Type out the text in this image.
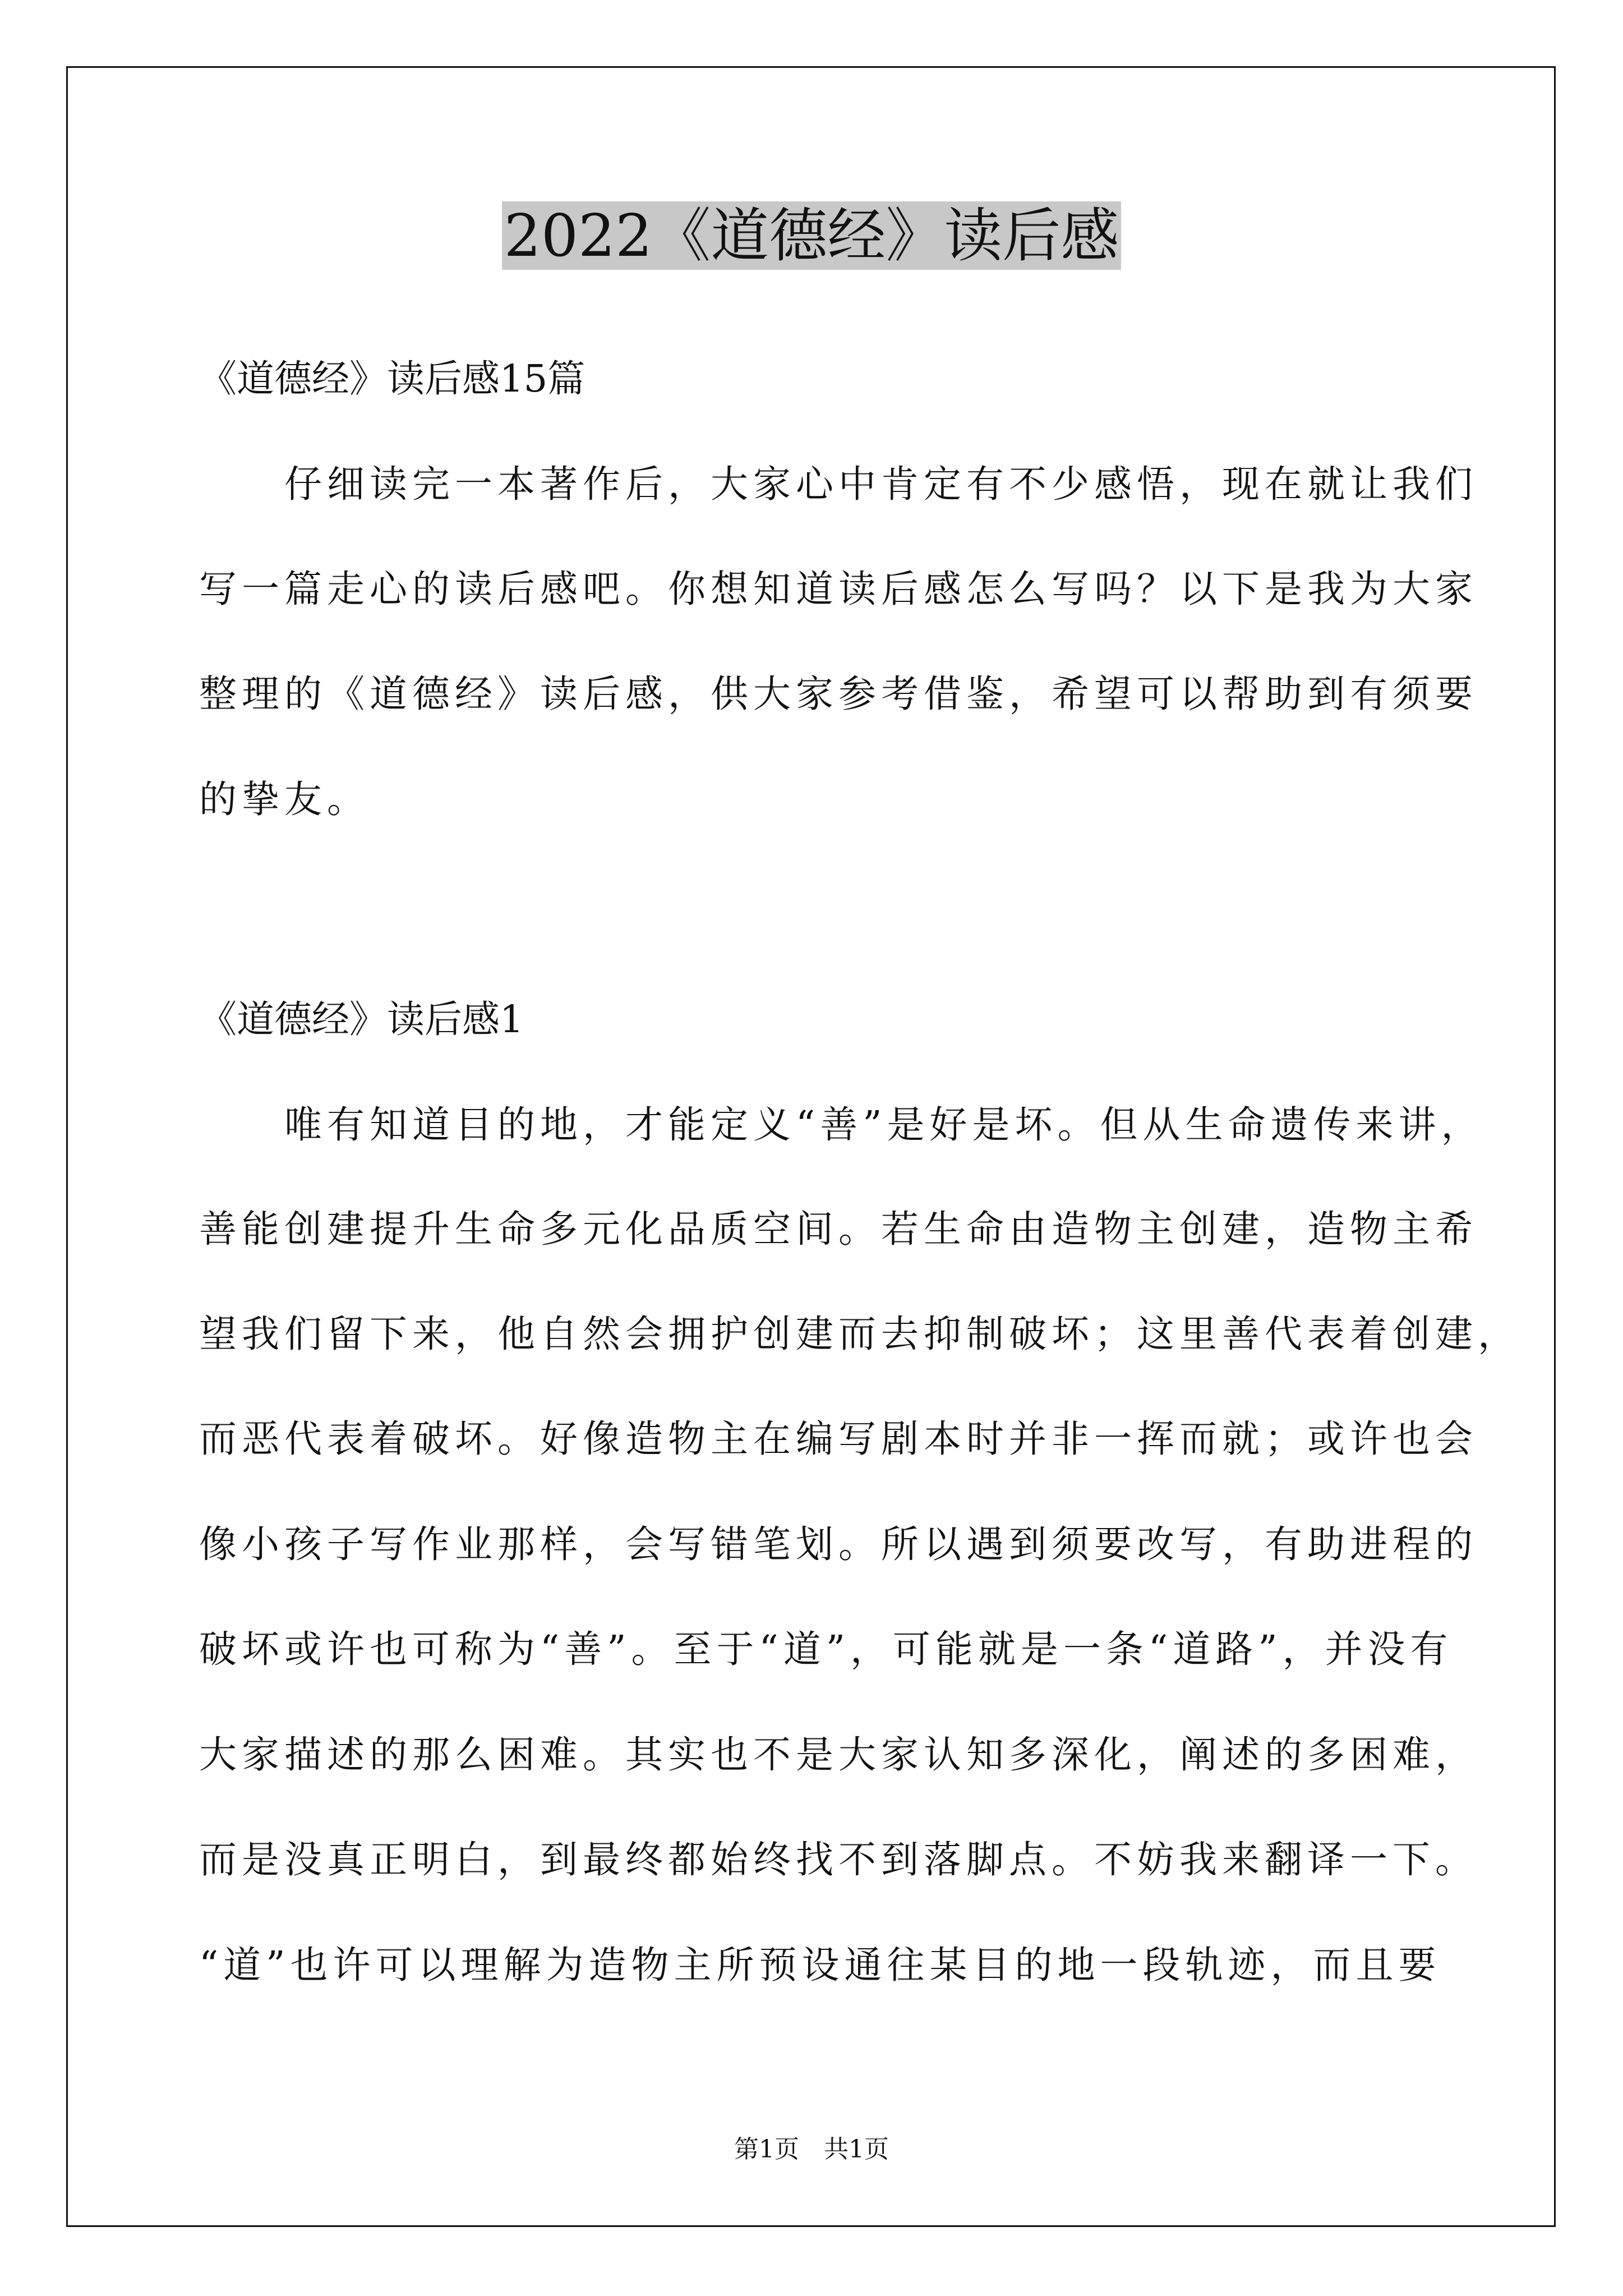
2022《道德经》读后感
《道德经》读后感15篇
　　仔细读完一本著作后，大家心中肯定有不少感悟，现在就让我们
写一篇走心的读后感吧。你想知道读后感怎么写吗？以下是我为大家
整理的《道德经》读后感，供大家参考借鉴，希望可以帮助到有须要
的挚友。
《道德经》读后感1
　　唯有知道目的地，才能定义“善”是好是坏。但从生命遗传来讲，
善能创建提升生命多元化品质空间。若生命由造物主创建，造物主希
望我们留下来，他自然会拥护创建而去抑制破坏；这里善代表着创建，
而恶代表着破坏。好像造物主在编写剧本时并非一挥而就；或许也会
像小孩子写作业那样，会写错笔划。所以遇到须要改写，有助进程的
破坏或许也可称为“善”。至于“道”，可能就是一条“道路”，并没有
大家描述的那么困难。其实也不是大家认知多深化，阐述的多困难，
而是没真正明白，到最终都始终找不到落脚点。不妨我来翻译一下。
“道”也许可以理解为造物主所预设通往某目的地一段轨迹，而且要
第1页　共1页
